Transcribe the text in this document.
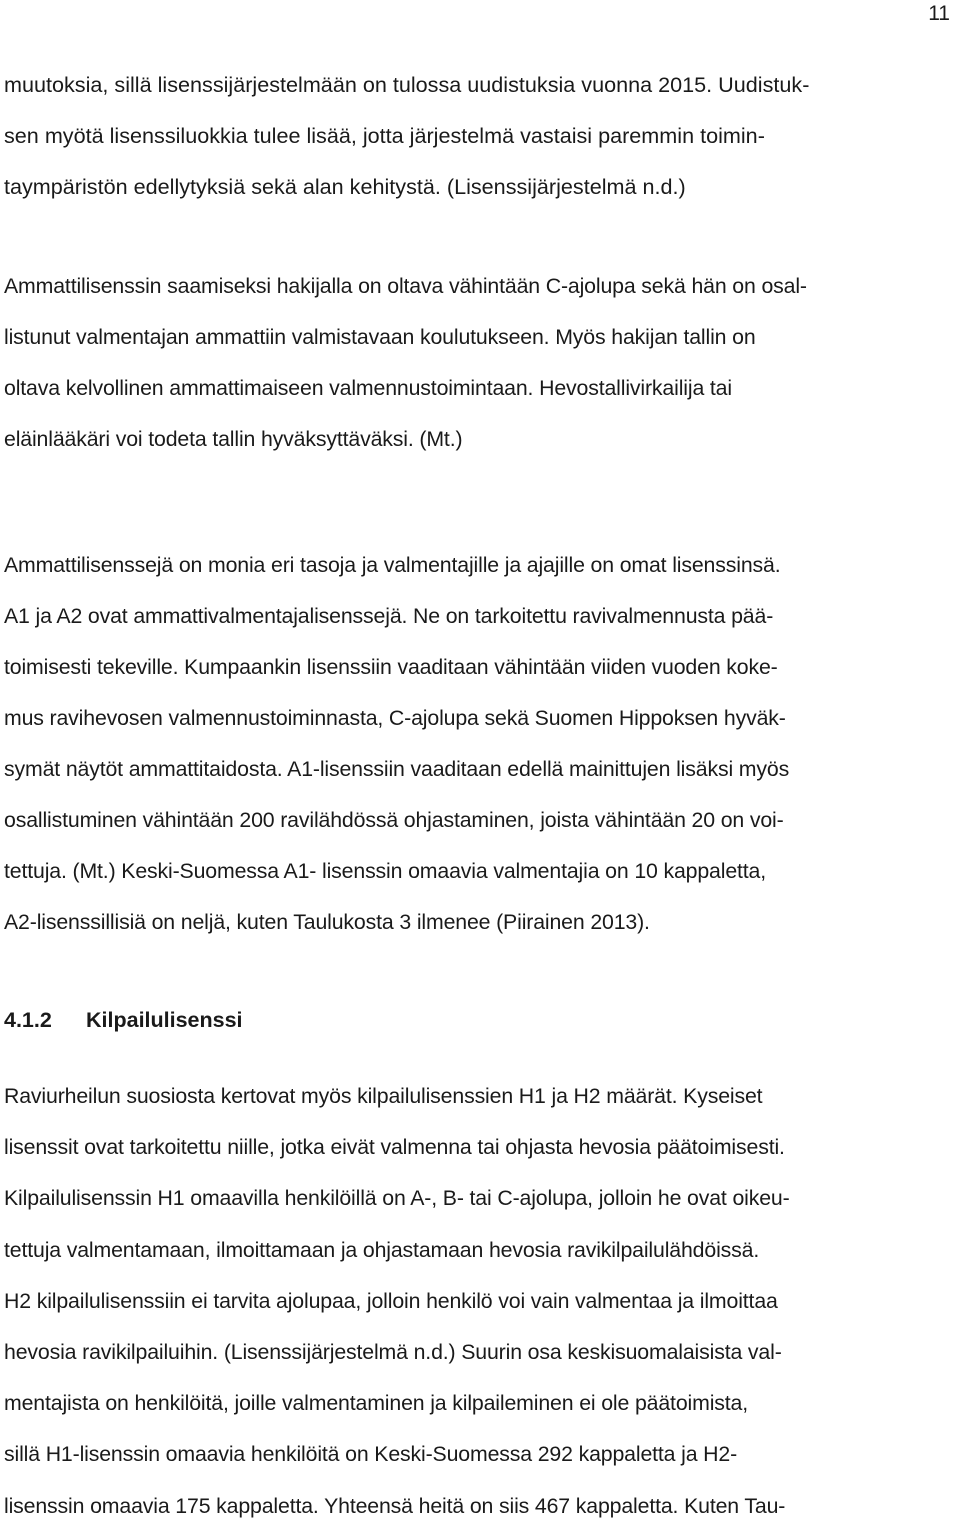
11
muutoksia, sillä lisenssijärjestelmään on tulossa uudistuksia vuonna 2015. Uudistuk-
sen myötä lisenssiluokkia tulee lisää, jotta järjestelmä vastaisi paremmin toimin-
taympäristön edellytyksiä sekä alan kehitystä. (Lisenssijärjestelmä n.d.)
Ammattilisenssin saamiseksi hakijalla on oltava vähintään C-ajolupa sekä hän on osal-
listunut valmentajan ammattiin valmistavaan koulutukseen. Myös hakijan tallin on
oltava kelvollinen ammattimaiseen valmennustoimintaan. Hevostallivirkailija tai
eläinlääkäri voi todeta tallin hyväksyttäväksi. (Mt.)
Ammattilisenssejä on monia eri tasoja ja valmentajille ja ajajille on omat lisenssinsä.
A1 ja A2 ovat ammattivalmentajalisenssejä. Ne on tarkoitettu ravivalmennusta pää-
toimisesti tekeville. Kumpaankin lisenssiin vaaditaan vähintään viiden vuoden koke-
mus ravihevosen valmennustoiminnasta, C-ajolupa sekä Suomen Hippoksen hyväk-
symät näytöt ammattitaidosta. A1-lisenssiin vaaditaan edellä mainittujen lisäksi myös
osallistuminen vähintään 200 ravilähdössä ohjastaminen, joista vähintään 20 on voi-
tettuja. (Mt.) Keski-Suomessa A1- lisenssin omaavia valmentajia on 10 kappaletta,
A2-lisenssillisiä on neljä, kuten Taulukosta 3 ilmenee (Piirainen 2013).
4.1.2 Kilpailulisenssi
Raviurheilun suosiosta kertovat myös kilpailulisenssien H1 ja H2 määrät. Kyseiset
lisenssit ovat tarkoitettu niille, jotka eivät valmenna tai ohjasta hevosia päätoimisesti.
Kilpailulisenssin H1 omaavilla henkilöillä on A-, B- tai C-ajolupa, jolloin he ovat oikeu-
tettuja valmentamaan, ilmoittamaan ja ohjastamaan hevosia ravikilpailulähdöissä.
H2 kilpailulisenssiin ei tarvita ajolupaa, jolloin henkilö voi vain valmentaa ja ilmoittaa
hevosia ravikilpailuihin. (Lisenssijärjestelmä n.d.) Suurin osa keskisuomalaisista val-
mentajista on henkilöitä, joille valmentaminen ja kilpaileminen ei ole päätoimista,
sillä H1-lisenssin omaavia henkilöitä on Keski-Suomessa 292 kappaletta ja H2-
lisenssin omaavia 175 kappaletta. Yhteensä heitä on siis 467 kappaletta. Kuten Tau-
